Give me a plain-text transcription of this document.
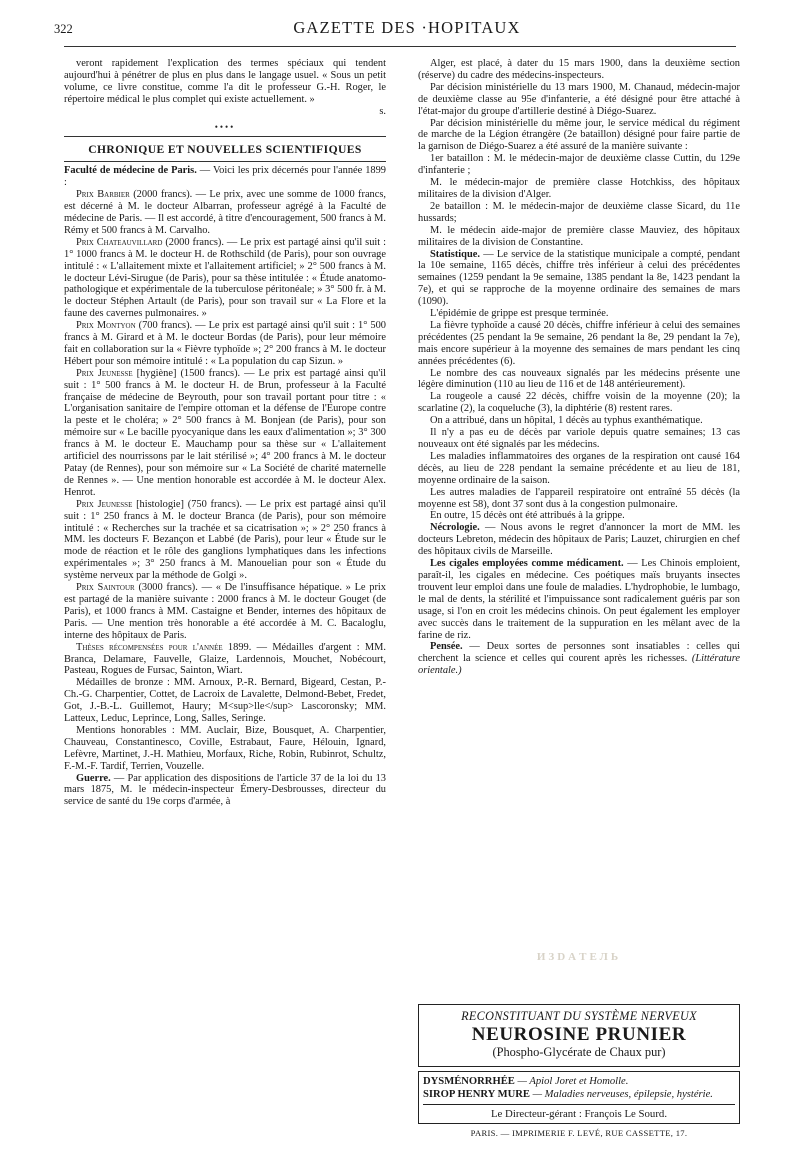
322	GAZETTE DES ·HOPITAUX

veront rapidement l'explication des termes spéciaux qui tendent aujourd'hui à pénétrer de plus en plus dans le langage usuel. « Sous un petit volume, ce livre constitue, comme l'a dit le professeur G.-H. Roger, le répertoire médical le plus complet qui existe actuellement. »

s.

••••
CHRONIQUE ET NOUVELLES SCIENTIFIQUES

Faculté de médecine de Paris. — Voici les prix décernés pour l'année 1899 :

Prix Barbier (2000 francs). — Le prix, avec une somme de 1000 francs, est décerné à M. le docteur Albarran, professeur agrégé à la Faculté de médecine de Paris. — Il est accordé, à titre d'encouragement, 500 francs à M. Rémy et 500 francs à M. Carvalho.

Prix Chateauvillard (2000 francs). — Le prix est partagé ainsi qu'il suit : 1° 1000 francs à M. le docteur H. de Rothschild (de Paris), pour son ouvrage intitulé : « L'allaitement mixte et l'allaitement artificiel; » 2° 500 francs à M. le docteur Lévi-Sirugue (de Paris), pour sa thèse intitulée : « Étude anatomo-pathologique et expérimentale de la tuberculose péritonéale; » 3° 500 fr. à M. le docteur Stéphen Artault (de Paris), pour son travail sur « La Flore et la faune des cavernes pulmonaires. »

Prix Montyon (700 francs). — Le prix est partagé ainsi qu'il suit : 1° 500 francs à M. Girard et à M. le docteur Bordas (de Paris), pour leur mémoire fait en collaboration sur la « Fièvre typhoïde »; 2° 200 francs à M. le docteur Hébert pour son mémoire intitulé : « La population du cap Sizun. »

Prix Jeunesse [hygiène] (1500 francs). — Le prix est partagé ainsi qu'il suit : 1° 500 francs à M. le docteur H. de Brun, professeur à la Faculté française de médecine de Beyrouth, pour son travail portant pour titre : « L'organisation sanitaire de l'empire ottoman et la défense de l'Europe contre la peste et le choléra; » 2° 500 francs à M. Bonjean (de Paris), pour son mémoire sur « Le bacille pyocyanique dans les eaux d'alimentation »; 3° 300 francs à M. le docteur E. Mauchamp pour sa thèse sur « L'allaitement artificiel des nourrissons par le lait stérilisé »; 4° 200 francs à M. le docteur Patay (de Rennes), pour son mémoire sur « La Société de charité maternelle de Rennes ». — Une mention honorable est accordée à M. le docteur Alex. Henrot.

Prix Jeunesse [histologie] (750 francs). — Le prix est partagé ainsi qu'il suit : 1° 250 francs à M. le docteur Branca (de Paris), pour son mémoire intitulé : « Recherches sur la trachée et sa cicatrisation »; » 2° 250 francs à MM. les docteurs F. Bezançon et Labbé (de Paris), pour leur « Étude sur le mode de réaction et le rôle des ganglions lymphatiques dans les infections expérimentales »; 3° 250 francs à M. Manouelian pour son « Étude du système nerveux par la méthode de Golgi ».

Prix Saintour (3000 francs). — « De l'insuffisance hépatique. » Le prix est partagé de la manière suivante : 2000 francs à M. le docteur Gouget (de Paris), et 1000 francs à MM. Castaigne et Bender, internes des hôpitaux de Paris. — Une mention très honorable a été accordée à M. C. Bacaloglu, interne des hôpitaux de Paris.

Thèses récompensées pour l'année 1899. — Médailles d'argent : MM. Branca, Delamare, Fauvelle, Glaize, Lardennois, Mouchet, Nobécourt, Pasteau, Rogues de Fursac, Sainton, Wiart.

Médailles de bronze : MM. Arnoux, P.-R. Bernard, Bigeard, Cestan, P.-Ch.-G. Charpentier, Cottet, de Lacroix de Lavalette, Delmond-Bebet, Fredet, Got, J.-B.-L. Guillemot, Haury; M<sup>lle</sup> Lascoronsky; MM. Latteux, Leduc, Leprince, Long, Salles, Seringe.

Mentions honorables : MM. Auclair, Bize, Bousquet, A. Charpentier, Chauveau, Constantinesco, Coville, Estrabaut, Faure, Hélouin, Ignard, Lefèvre, Martinet, J.-H. Mathieu, Morfaux, Riche, Robin, Rubinrot, Schultz, F.-M.-F. Tardif, Terrien, Vouzelle.

Guerre. — Par application des dispositions de l'article 37 de la loi du 13 mars 1875, M. le médecin-inspecteur Émery-Desbrousses, directeur du service de santé du 19e corps d'armée, à

Alger, est placé, à dater du 15 mars 1900, dans la deuxième section (réserve) du cadre des médecins-inspecteurs.

Par décision ministérielle du 13 mars 1900, M. Chanaud, médecin-major de deuxième classe au 95e d'infanterie, a été désigné pour être attaché à l'état-major du groupe d'artillerie destiné à Diégo-Suarez.

Par décision ministérielle du même jour, le service médical du régiment de marche de la Légion étrangère (2e bataillon) désigné pour faire partie de la garnison de Diégo-Suarez a été assuré de la manière suivante :

1er bataillon : M. le médecin-major de deuxième classe Cuttin, du 129e d'infanterie ;

M. le médecin-major de première classe Hotchkiss, des hôpitaux militaires de la division d'Alger.

2e bataillon : M. le médecin-major de deuxième classe Sicard, du 11e hussards;

M. le médecin aide-major de première classe Mauviez, des hôpitaux militaires de la division de Constantine.

Statistique. — Le service de la statistique municipale a compté, pendant la 10e semaine, 1165 décès, chiffre très inférieur à celui des précédentes semaines (1259 pendant la 9e semaine, 1385 pendant la 8e, 1423 pendant la 7e), et qui se rapproche de la moyenne ordinaire des semaines de mars (1090).

L'épidémie de grippe est presque terminée.

La fièvre typhoïde a causé 20 décès, chiffre inférieur à celui des semaines précédentes (25 pendant la 9e semaine, 26 pendant la 8e, 29 pendant la 7e), mais encore supérieur à la moyenne des semaines de mars pendant les cinq années précédentes (6).

Le nombre des cas nouveaux signalés par les médecins présente une légère diminution (110 au lieu de 116 et de 148 antérieurement).

La rougeole a causé 22 décès, chiffre voisin de la moyenne (20); la scarlatine (2), la coqueluche (3), la diphtérie (8) restent rares.

On a attribué, dans un hôpital, 1 décès au typhus exanthématique.

Il n'y a pas eu de décès par variole depuis quatre semaines; 13 cas nouveaux ont été signalés par les médecins.

Les maladies inflammatoires des organes de la respiration ont causé 164 décès, au lieu de 228 pendant la semaine précédente et au lieu de 181, moyenne ordinaire de la saison.

Les autres maladies de l'appareil respiratoire ont entraîné 55 décès (la moyenne est 58), dont 37 sont dus à la congestion pulmonaire.

En outre, 15 décès ont été attribués à la grippe.

Nécrologie. — Nous avons le regret d'annoncer la mort de MM. les docteurs Lebreton, médecin des hôpitaux de Paris; Lauzet, chirurgien en chef des hôpitaux civils de Marseille.

Les cigales employées comme médicament. — Les Chinois emploient, paraît-il, les cigales en médecine. Ces poétiques maïs bruyants insectes trouvent leur emploi dans une foule de maladies. L'hydrophobie, le lumbago, le mal de dents, la stérilité et l'impuissance sont radicalement guéris par son usage, si l'on en croit les médecins chinois. On peut également les employer avec succès dans le traitement de la suppuration en les mêlant avec de la farine de riz.

Pensée. — Deux sortes de personnes sont insatiables : celles qui cherchent la science et celles qui courent après les richesses. (Littérature orientale.)

ИЗDAТЕЛЬ
RECONSTITUANT DU SYSTÈME NERVEUX
NEUROSINE PRUNIER
(Phospho-Glycérate de Chaux pur)
DYSMÉNORRHÉE — Apiol Joret et Homolle.
SIROP HENRY MURE — Maladies nerveuses, épilepsie, hystérie.
Le Directeur-gérant : François Le Sourd.
PARIS. — IMPRIMERIE F. LEVÉ, RUE CASSETTE, 17.
